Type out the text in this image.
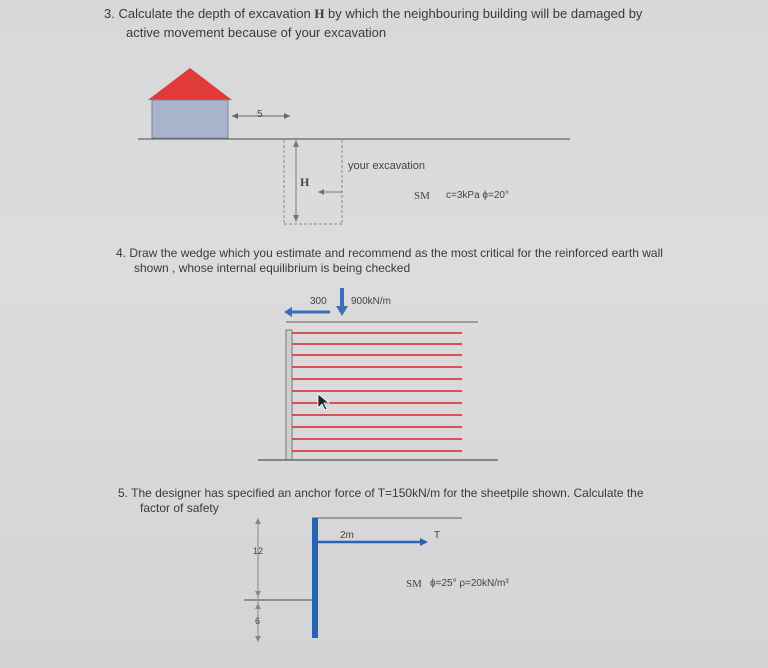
3. Calculate the depth of excavation H by which the neighbouring building will be damaged by
active movement because of your excavation
5
H
your excavation
SM c=3kPa ϕ=20°
4. Draw the wedge which you estimate and recommend as the most critical for the reinforced earth wall
shown , whose internal equilibrium is being checked
300 900kN/m
5. The designer has specified an anchor force of T=150kN/m for the sheetpile shown. Calculate the
factor of safety
2m	T
12
6
SM ϕ=25° ρ=20kN/m³
